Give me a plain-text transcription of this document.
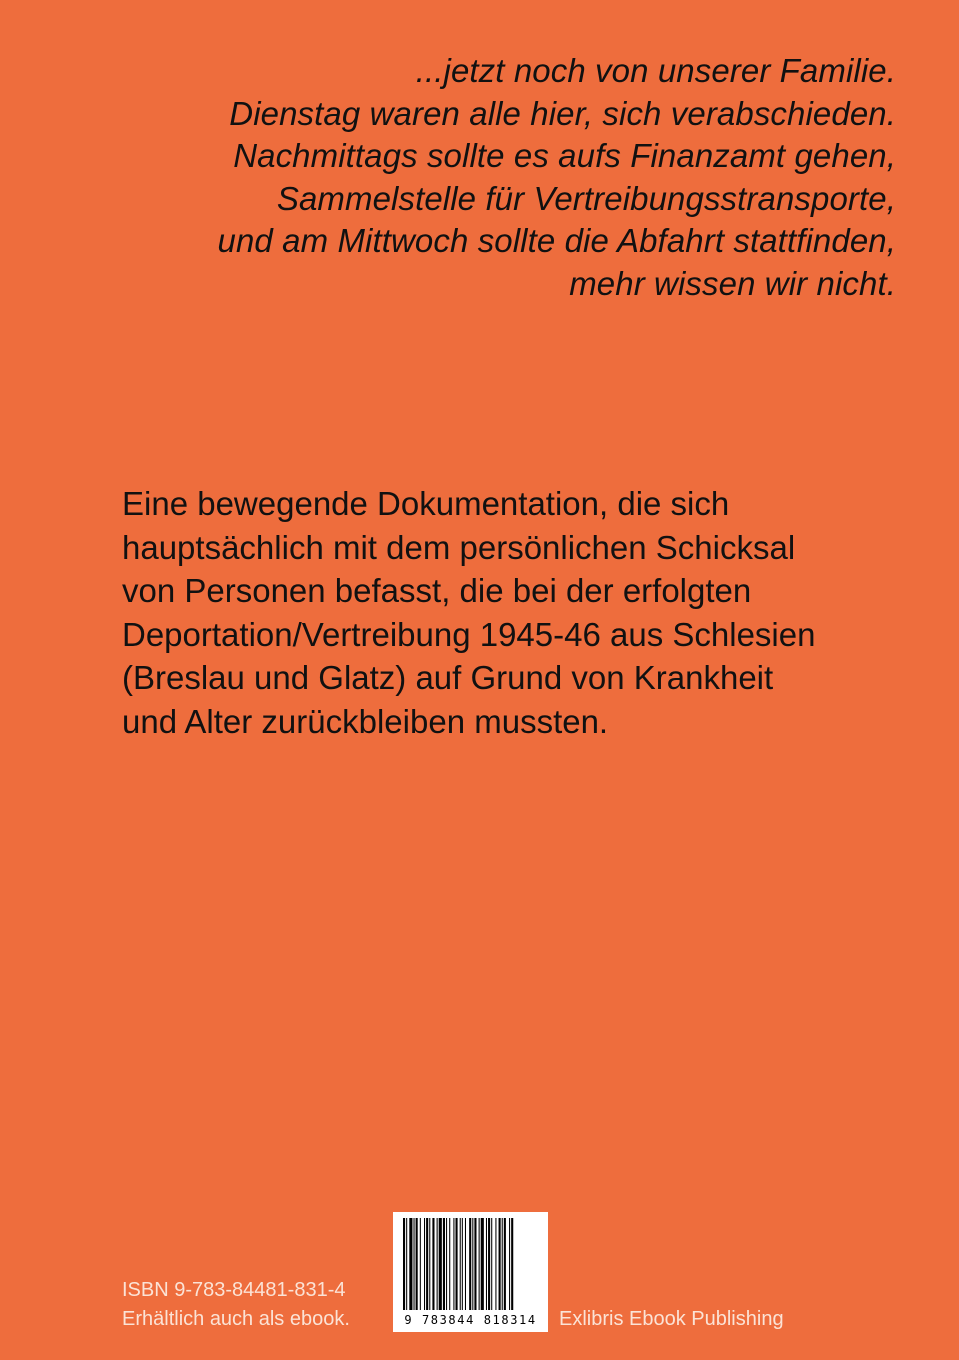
...jetzt noch von unserer Familie.
Dienstag waren alle hier, sich verabschieden.
Nachmittags sollte es aufs Finanzamt gehen,
Sammelstelle für Vertreibungsstransporte,
und am Mittwoch sollte die Abfahrt stattfinden,
mehr wissen wir nicht.
Eine bewegende Dokumentation, die sich
hauptsächlich mit dem persönlichen Schicksal
von Personen befasst, die bei der erfolgten
Deportation/Vertreibung 1945-46 aus Schlesien
(Breslau und Glatz) auf Grund von Krankheit
und Alter zurückbleiben mussten.
ISBN 9-783-84481-831-4
Erhältlich auch als ebook.	9 783844 818314	Exlibris Ebook Publishing
